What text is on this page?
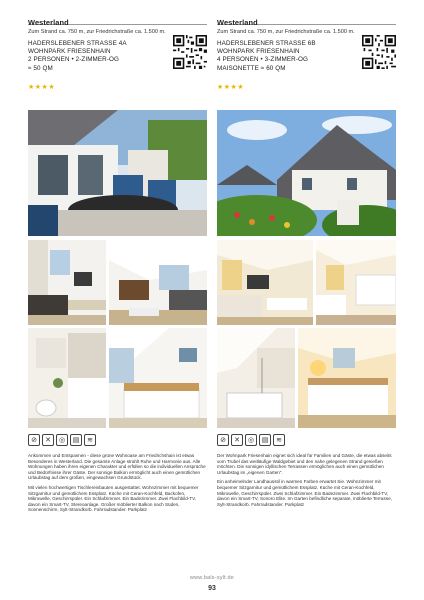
Westerland
Zum Strand ca. 750 m, zur Friedrichstraße ca. 1.500 m.
HADERSLEBENER STRASSE 4A
WOHNPARK FRIESENHAIN
2 PERSONEN • 2-ZIMMER-OG
≈ 50 QM
★★★★
⊘	✕	◎	▤	≋

Ankommen und Entspannen - diese grüne Wohnoase am Friedrichshain ist etwas Besonderes in Westerland. Die gesamte Anlage strahlt Ruhe und Harmonie aus. Alle Wohnungen haben ihren eigenen Charakter und erfüllen so die individuellen Ansprüche und Bedürfnisse ihrer Gäste. Der sonnige Balkon ermöglicht auch einen gemütlichen Urlaubstag auf dem großen, eingewachsen Grundstück.

Mit vielen hochwertigen Tischlereinbauten ausgestattet. Wohnzimmer mit bequemer Sitzgarnitur und gemütlichem Essplatz. Küche mit Ceran-Kochfeld, Backofen, Mikrowelle, Geschirrspüler. Ein Schlafzimmer. Ein Badezimmer. Zwei Flachbild-TV, davon ein Smart-TV, Stereoanlage. Großer möblierter Balkon nach Süden, Sonnenschirm, Sylt-Strandkorb. Fahrradstander. Parkplatz

Westerland
Zum Strand ca. 750 m, zur Friedrichstraße ca. 1.500 m.
HADERSLEBENER STRASSE 6B
WOHNPARK FRIESENHAIN
4 PERSONEN • 3-ZIMMER-OG
MAISONETTE ≈ 60 QM
★★★★
⊘	✕	◎	▤	≋

Der Wohnpark Friesenhain eignet sich ideal für Familien und Gäste, die etwas abseits vom Trubel das weitläufige Waldgebiet und den nahe gelegenen Strand genießen möchten. Die sonnigen idyllischen Terrassen ermöglichen auch einen gemütlichen Urlaubstag im „eigenen Garten“.

Ein anheimelnder Landhausstil in warmen Farben erwartet Sie. Wohnzimmer mit bequemer Sitzgarnitur und gemütlichem Essplatz. Küche mit Ceran-Kochfeld, Mikrowelle, Geschirrspüler. Zwei Schlafzimmer. Ein Badezimmer. Zwei Flachbild-TV, davon ein Smart-TV, Sonoro Elite. Im Garten befindliche separate, möblierte Terrasse, Sylt-Strandkorb. Fahrradstander. Parkplatz

www.bals-sylt.de
93
